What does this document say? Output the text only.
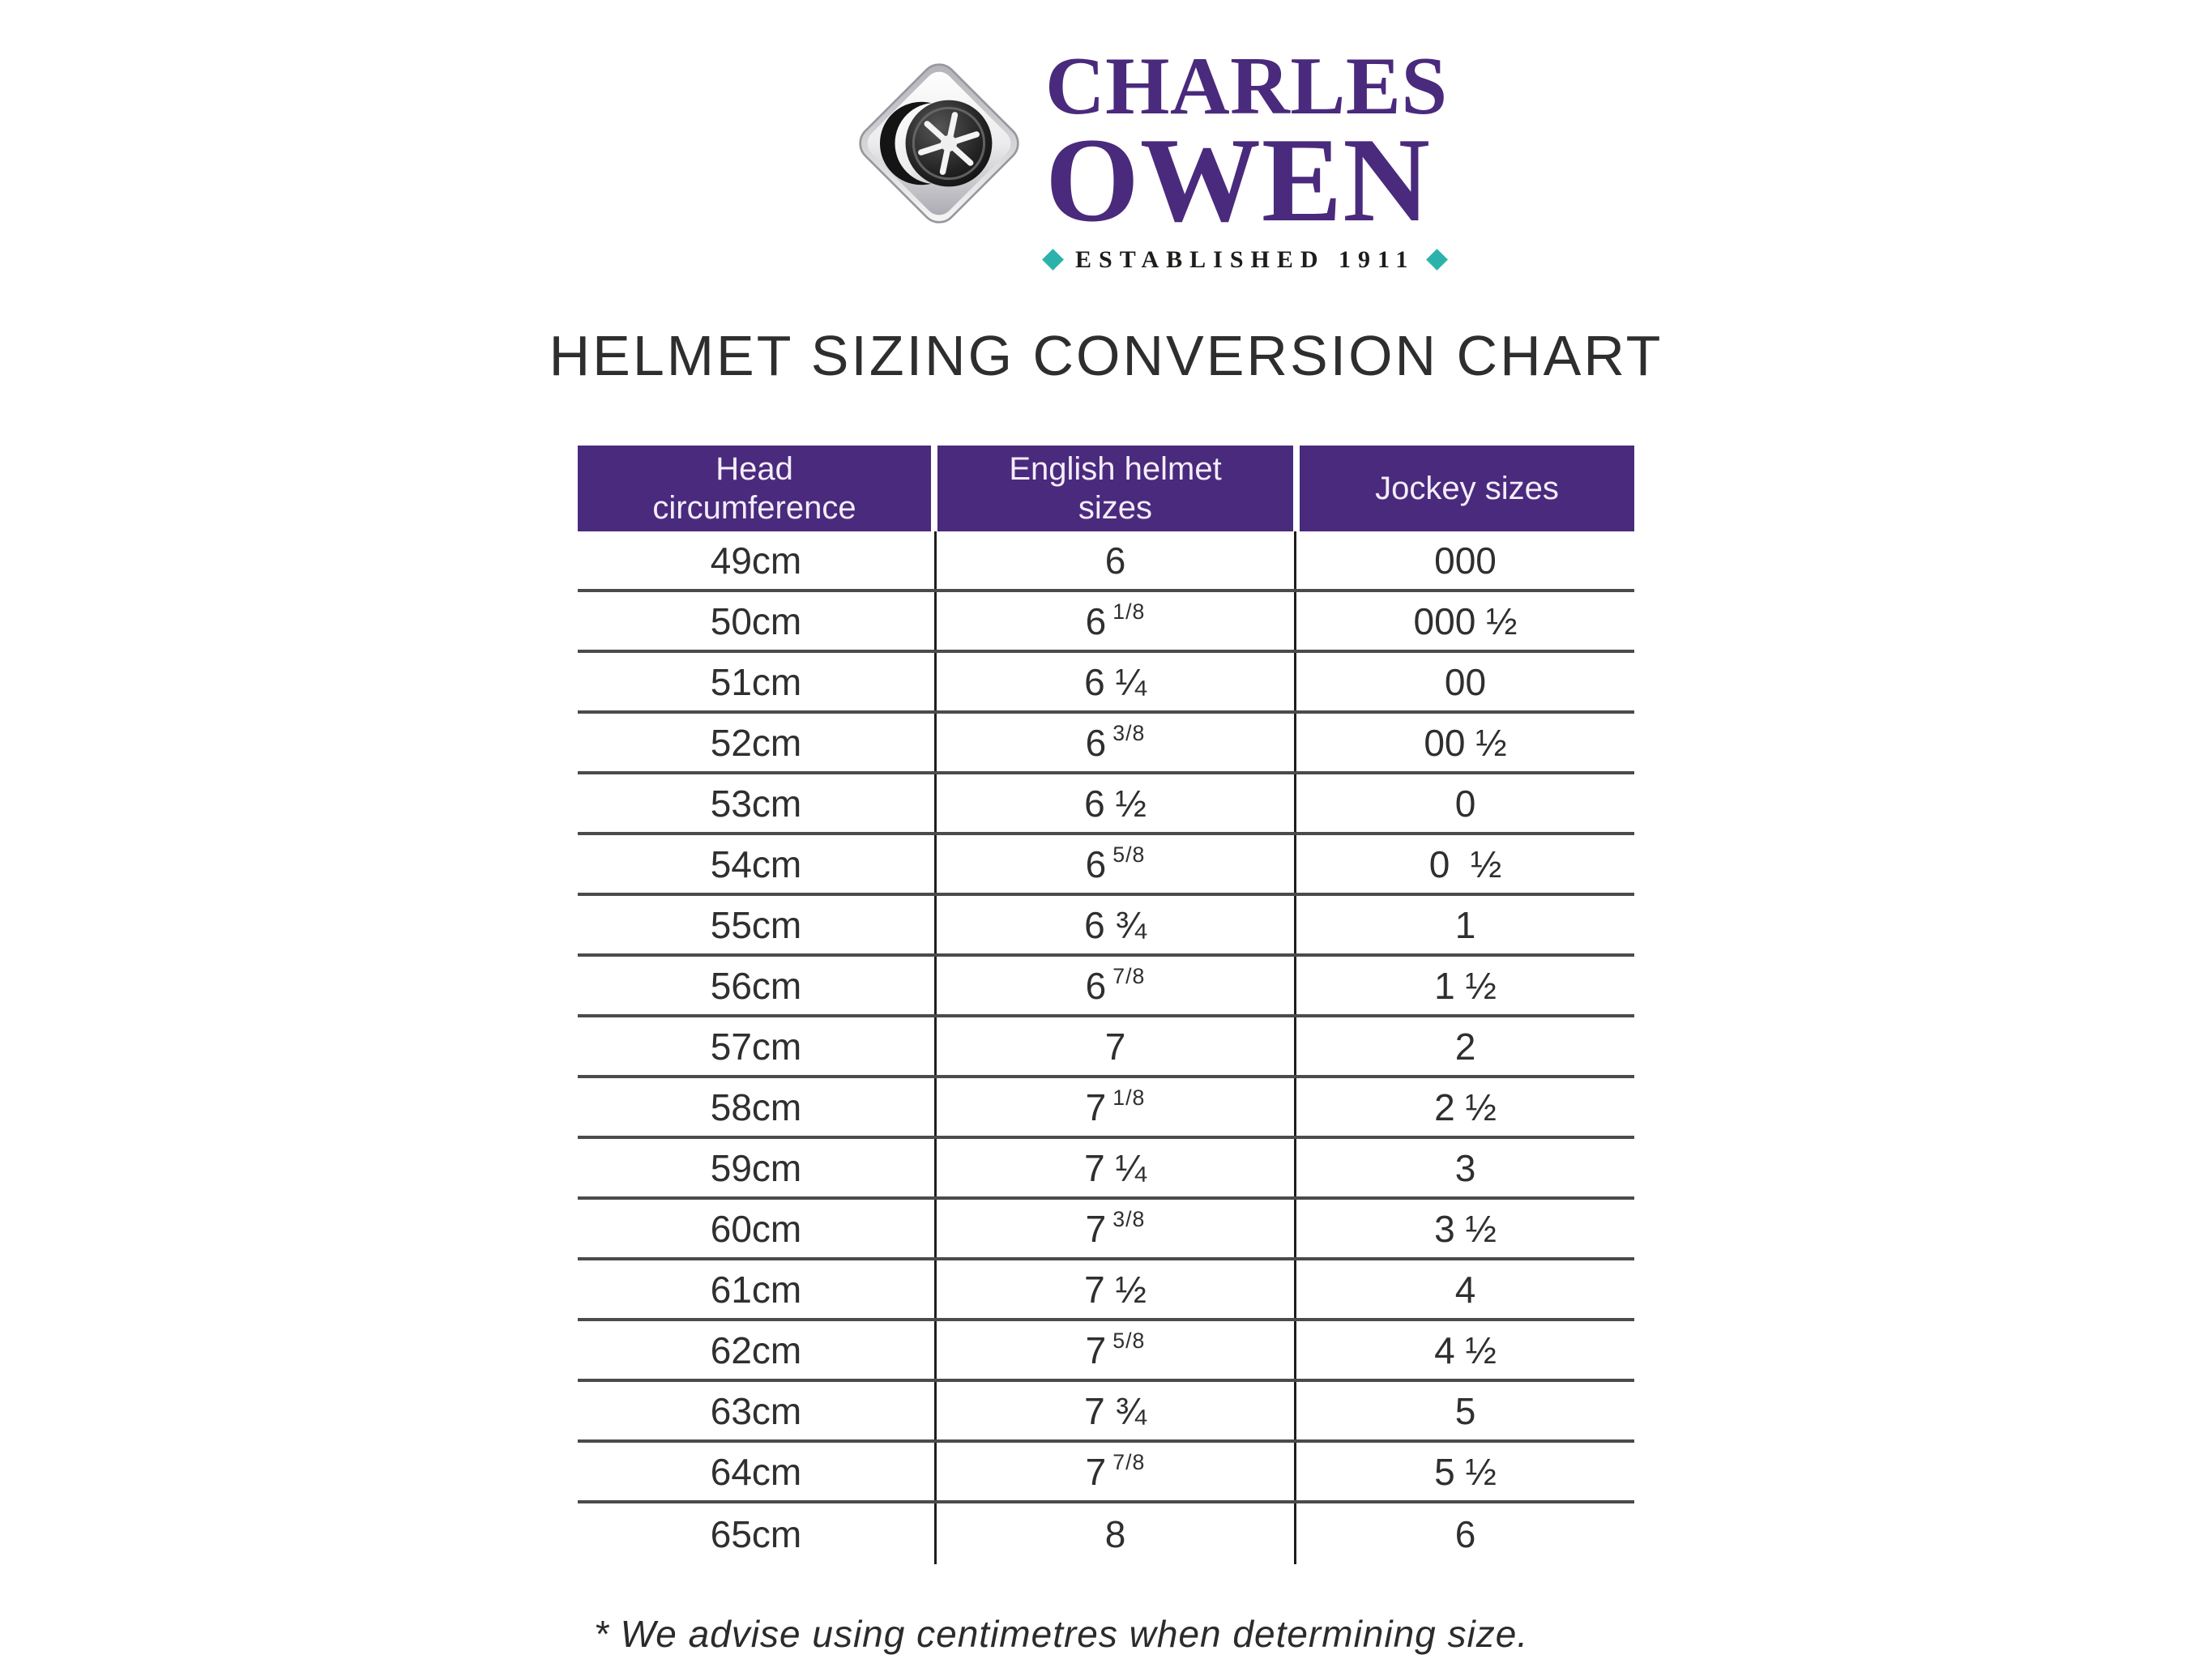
CHARLES
OWEN
ESTABLISHED 1911
HELMET SIZING CONVERSION CHART
Head circumference
English helmet sizes
Jockey sizes
49cm	6	000
50cm	6 1/8	000 ½
51cm	6 ¼	00
52cm	6 3/8	00 ½
53cm	6 ½	0
54cm	6 5/8	0  ½
55cm	6 ¾	1
56cm	6 7/8	1 ½
57cm	7	2
58cm	7 1/8	2 ½
59cm	7 ¼	3
60cm	7 3/8	3 ½
61cm	7 ½	4
62cm	7 5/8	4 ½
63cm	7 ¾	5
64cm	7 7/8	5 ½
65cm	8	6

* We advise using centimetres when determining size.
